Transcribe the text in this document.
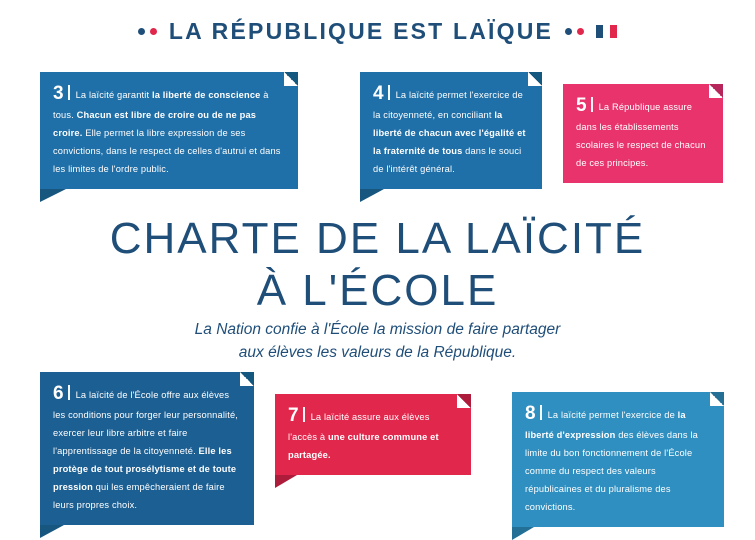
LA RÉPUBLIQUE EST LAÏQUE
3 La laïcité garantit la liberté de conscience à tous. Chacun est libre de croire ou de ne pas croire. Elle permet la libre expression de ses convictions, dans le respect de celles d'autrui et dans les limites de l'ordre public.
4 La laïcité permet l'exercice de la citoyenneté, en conciliant la liberté de chacun avec l'égalité et la fraternité de tous dans le souci de l'intérêt général.
5 La République assure dans les établissements scolaires le respect de chacun de ces principes.
6 La laïcité de l'École offre aux élèves les conditions pour forger leur personnalité, exercer leur libre arbitre et faire l'apprentissage de la citoyenneté. Elle les protège de tout prosélytisme et de toute pression qui les empêcheraient de faire leurs propres choix.
7 La laïcité assure aux élèves l'accès à une culture commune et partagée.
8 La laïcité permet l'exercice de la liberté d'expression des élèves dans la limite du bon fonctionnement de l'École comme du respect des valeurs républicaines et du pluralisme des convictions.
CHARTE DE LA LAÏCITÉ
À L'ÉCOLE
La Nation confie à l'École la mission de faire partager
aux élèves les valeurs de la République.
